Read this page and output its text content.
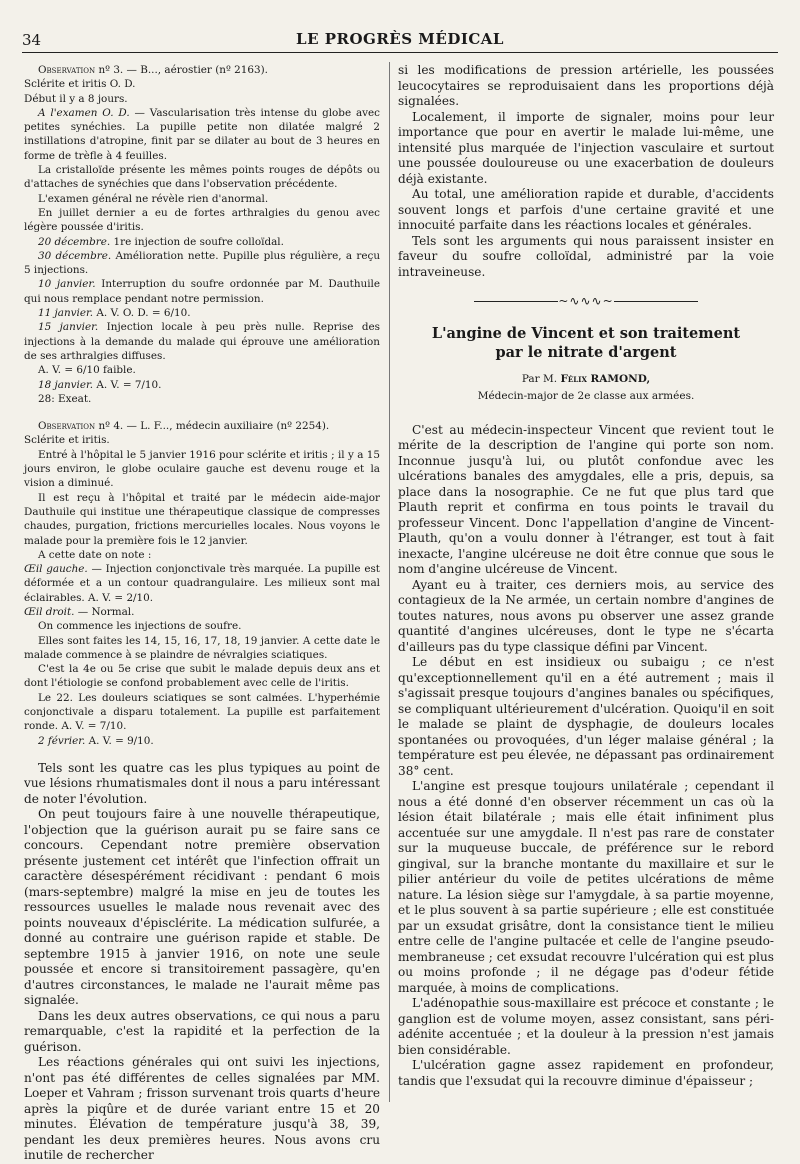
34	LE PROGRÈS MÉDICAL

Observation nº 3. — B..., aérostier (nº 2163).

Sclérite et iritis O. D.

Début il y a 8 jours.

A l'examen O. D. — Vascularisation très intense du globe avec petites synéchies. La pupille petite non dilatée malgré 2 instillations d'atropine, finit par se dilater au bout de 3 heures en forme de trèfle à 4 feuilles.

La cristalloïde présente les mêmes points rouges de dépôts ou d'attaches de synéchies que dans l'observation précédente.

L'examen général ne révèle rien d'anormal.

En juillet dernier a eu de fortes arthralgies du genou avec légère poussée d'iritis.

20 décembre. 1re injection de soufre colloïdal.

30 décembre. Amélioration nette. Pupille plus régulière, a reçu 5 injections.

10 janvier. Interruption du soufre ordonnée par M. Dauthuile qui nous remplace pendant notre permission.

11 janvier. A. V. O. D. = 6/10.

15 janvier. Injection locale à peu près nulle. Reprise des injections à la demande du malade qui éprouve une amélioration de ses arthralgies diffuses.

A. V. = 6/10 faible.

18 janvier. A. V. = 7/10.

28: Exeat.

Observation nº 4. — L. F..., médecin auxiliaire (nº 2254).

Sclérite et iritis.

Entré à l'hôpital le 5 janvier 1916 pour sclérite et iritis ; il y a 15 jours environ, le globe oculaire gauche est devenu rouge et la vision a diminué.

Il est reçu à l'hôpital et traité par le médecin aide-major Dauthuile qui institue une thérapeutique classique de compresses chaudes, purgation, frictions mercurielles locales. Nous voyons le malade pour la première fois le 12 janvier.

A cette date on note :

Œil gauche. — Injection conjonctivale très marquée. La pupille est déformée et a un contour quadrangulaire. Les milieux sont mal éclairables. A. V. = 2/10.

Œil droit. — Normal.

On commence les injections de soufre.

Elles sont faites les 14, 15, 16, 17, 18, 19 janvier. A cette date le malade commence à se plaindre de névralgies sciatiques.

C'est la 4e ou 5e crise que subit le malade depuis deux ans et dont l'étiologie se confond probablement avec celle de l'iritis.

Le 22. Les douleurs sciatiques se sont calmées. L'hyperhémie conjonctivale a disparu totalement. La pupille est parfaitement ronde. A. V. = 7/10.

2 février. A. V. = 9/10.

Tels sont les quatre cas les plus typiques au point de vue lésions rhumatismales dont il nous a paru intéressant de noter l'évolution.

On peut toujours faire à une nouvelle thérapeutique, l'objection que la guérison aurait pu se faire sans ce concours. Cependant notre première observation présente justement cet intérêt que l'infection offrait un caractère désespérément récidivant : pendant 6 mois (mars-septembre) malgré la mise en jeu de toutes les ressources usuelles le malade nous revenait avec des points nouveaux d'épisclérite. La médication sulfurée, a donné au contraire une guérison rapide et stable. De septembre 1915 à janvier 1916, on note une seule poussée et encore si transitoirement passagère, qu'en d'autres circonstances, le malade ne l'aurait même pas signalée.

Dans les deux autres observations, ce qui nous a paru remarquable, c'est la rapidité et la perfection de la guérison.

Les réactions générales qui ont suivi les injections, n'ont pas été différentes de celles signalées par MM. Loeper et Vahram ; frisson survenant trois quarts d'heure après la piqûre et de durée variant entre 15 et 20 minutes. Élévation de température jusqu'à 38, 39, pendant les deux premières heures. Nous avons cru inutile de rechercher

si les modifications de pression artérielle, les poussées leucocytaires se reproduisaient dans les proportions déjà signalées.

Localement, il importe de signaler, moins pour leur importance que pour en avertir le malade lui-même, une intensité plus marquée de l'injection vasculaire et surtout une poussée douloureuse ou une exacerbation de douleurs déjà existante.

Au total, une amélioration rapide et durable, d'accidents souvent longs et parfois d'une certaine gravité et une innocuité parfaite dans les réactions locales et générales.

Tels sont les arguments qui nous paraissent insister en faveur du soufre colloïdal, administré par la voie intraveineuse.

~∿∿∿~
L'angine de Vincent et son traitement
par le nitrate d'argent
Par M. Félix RAMOND,
Médecin-major de 2e classe aux armées.

C'est au médecin-inspecteur Vincent que revient tout le mérite de la description de l'angine qui porte son nom. Inconnue jusqu'à lui, ou plutôt confondue avec les ulcérations banales des amygdales, elle a pris, depuis, sa place dans la nosographie. Ce ne fut que plus tard que Plauth reprit et confirma en tous points le travail du professeur Vincent. Donc l'appellation d'angine de Vincent-Plauth, qu'on a voulu donner à l'étranger, est tout à fait inexacte, l'angine ulcéreuse ne doit être connue que sous le nom d'angine ulcéreuse de Vincent.

Ayant eu à traiter, ces derniers mois, au service des contagieux de la Ne armée, un certain nombre d'angines de toutes natures, nous avons pu observer une assez grande quantité d'angines ulcéreuses, dont le type ne s'écarta d'ailleurs pas du type classique défini par Vincent.

Le début en est insidieux ou subaigu ; ce n'est qu'exceptionnellement qu'il en a été autrement ; mais il s'agissait presque toujours d'angines banales ou spécifiques, se compliquant ultérieurement d'ulcération. Quoiqu'il en soit le malade se plaint de dysphagie, de douleurs locales spontanées ou provoquées, d'un léger malaise général ; la température est peu élevée, ne dépassant pas ordinairement 38° cent.

L'angine est presque toujours unilatérale ; cependant il nous a été donné d'en observer récemment un cas où la lésion était bilatérale ; mais elle était infiniment plus accentuée sur une amygdale. Il n'est pas rare de constater sur la muqueuse buccale, de préférence sur le rebord gingival, sur la branche montante du maxillaire et sur le pilier antérieur du voile de petites ulcérations de même nature. La lésion siège sur l'amygdale, à sa partie moyenne, et le plus souvent à sa partie supérieure ; elle est constituée par un exsudat grisâtre, dont la consistance tient le milieu entre celle de l'angine pultacée et celle de l'angine pseudo-membraneuse ; cet exsudat recouvre l'ulcération qui est plus ou moins profonde ; il ne dégage pas d'odeur fétide marquée, à moins de complications.

L'adénopathie sous-maxillaire est précoce et constante ; le ganglion est de volume moyen, assez consistant, sans péri-adénite accentuée ; et la douleur à la pression n'est jamais bien considérable.

L'ulcération gagne assez rapidement en profondeur, tandis que l'exsudat qui la recouvre diminue d'épaisseur ;
